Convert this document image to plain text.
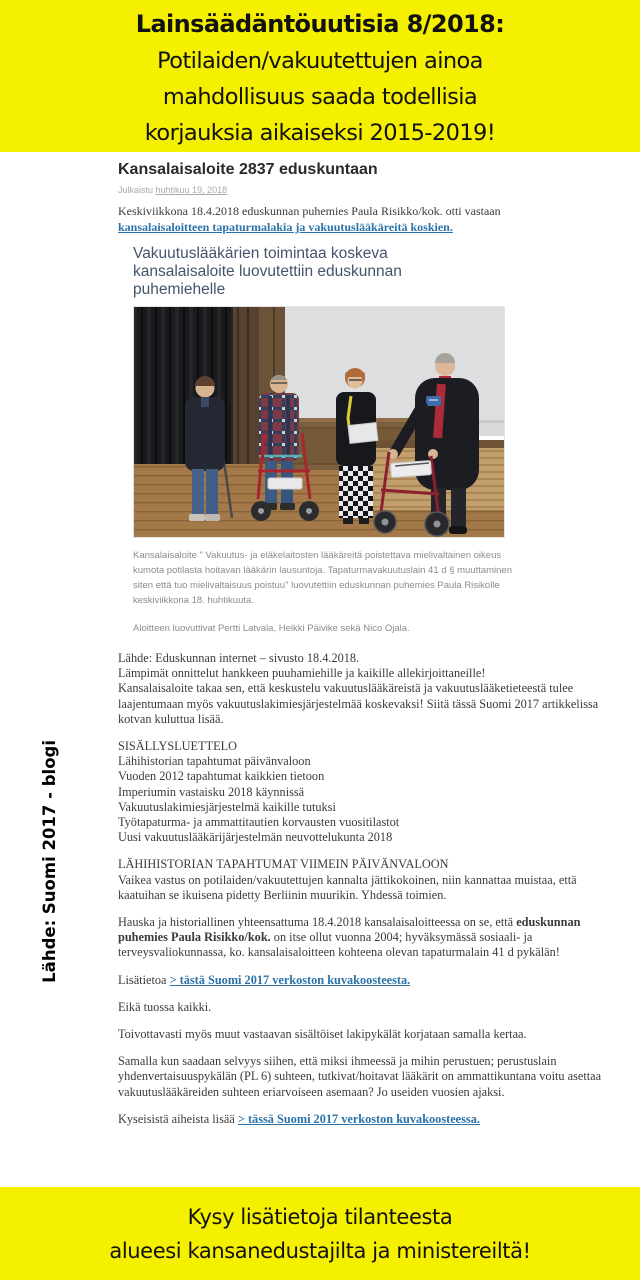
Lainsäädäntöuutisia 8/2018:
Potilaiden/vakuutettujen ainoa
mahdollisuus saada todellisia
korjauksia aikaiseksi 2015-2019!
Lähde: Suomi 2017 - blogi
Kansalaisaloite 2837 eduskuntaan
Julkaistu huhtikuu 19, 2018
Keskiviikkona 18.4.2018 eduskunnan puhemies Paula Risikko/kok. otti vastaan
kansalaisaloitteen tapaturmalakia ja vakuutuslääkäreitä koskien.
Vakuutuslääkärien toimintaa koskeva kansalaisaloite luovutettiin eduskunnan puhemiehelle
Kansalaisaloite " Vakuutus- ja eläkelaitosten lääkäreitä poistettava mielivaltainen oikeus kumota potilasta hoitavan lääkärin lausuntoja. Tapaturmavakuutuslain 41 d § muuttaminen siten että tuo mielivaltaisuus poistuu" luovutettiin eduskunnan puhemies Paula Risikolle keskiviikkona 18. huhtikuuta.
Aloitteen luovuttivat Pertti Latvala, Heikki Päivike sekä Nico Ojala.
Lähde: Eduskunnan internet – sivusto 18.4.2018.
Lämpimät onnittelut hankkeen puuhamiehille ja kaikille allekirjoittaneille!
Kansalaisaloite takaa sen, että keskustelu vakuutuslääkäreistä ja vakuutuslääketieteestä tulee laajentumaan myös vakuutuslakimiesjärjestelmää koskevaksi! Siitä tässä Suomi 2017 artikkelissa kotvan kuluttua lisää.
SISÄLLYSLUETTELO
Lähihistorian tapahtumat päivänvaloon
Vuoden 2012 tapahtumat kaikkien tietoon
Imperiumin vastaisku 2018 käynnissä
Vakuutuslakimiesjärjestelmä kaikille tutuksi
Työtapaturma- ja ammattitautien korvausten vuositilastot
Uusi vakuutuslääkärijärjestelmän neuvottelukunta 2018
LÄHIHISTORIAN TAPAHTUMAT VIIMEIN PÄIVÄNVALOON
Vaikea vastus on potilaiden/vakuutettujen kannalta jättikokoinen, niin kannattaa muistaa, että kaatuihan se ikuisena pidetty Berliinin muurikin. Yhdessä toimien.
Hauska ja historiallinen yhteensattuma 18.4.2018 kansalaisaloitteessa on se, että eduskunnan puhemies Paula Risikko/kok. on itse ollut vuonna 2004; hyväksymässä sosiaali- ja terveysvaliokunnassa, ko. kansalaisaloitteen kohteena olevan tapaturmalain 41 d pykälän!
Lisätietoa > tästä Suomi 2017 verkoston kuvakoosteesta.
Eikä tuossa kaikki.
Toivottavasti myös muut vastaavan sisältöiset lakipykälät korjataan samalla kertaa.
Samalla kun saadaan selvyys siihen, että miksi ihmeessä ja mihin perustuen; perustuslain yhdenvertaisuuspykälän (PL 6) suhteen, tutkivat/hoitavat lääkärit on ammattikuntana voitu asettaa vakuutuslääkäreiden suhteen eriarvoiseen asemaan? Jo useiden vuosien ajaksi.
Kyseisistä aiheista lisää > tässä Suomi 2017 verkoston kuvakoosteessa.
Kysy lisätietoja tilanteesta
alueesi kansanedustajilta ja ministereiltä!
